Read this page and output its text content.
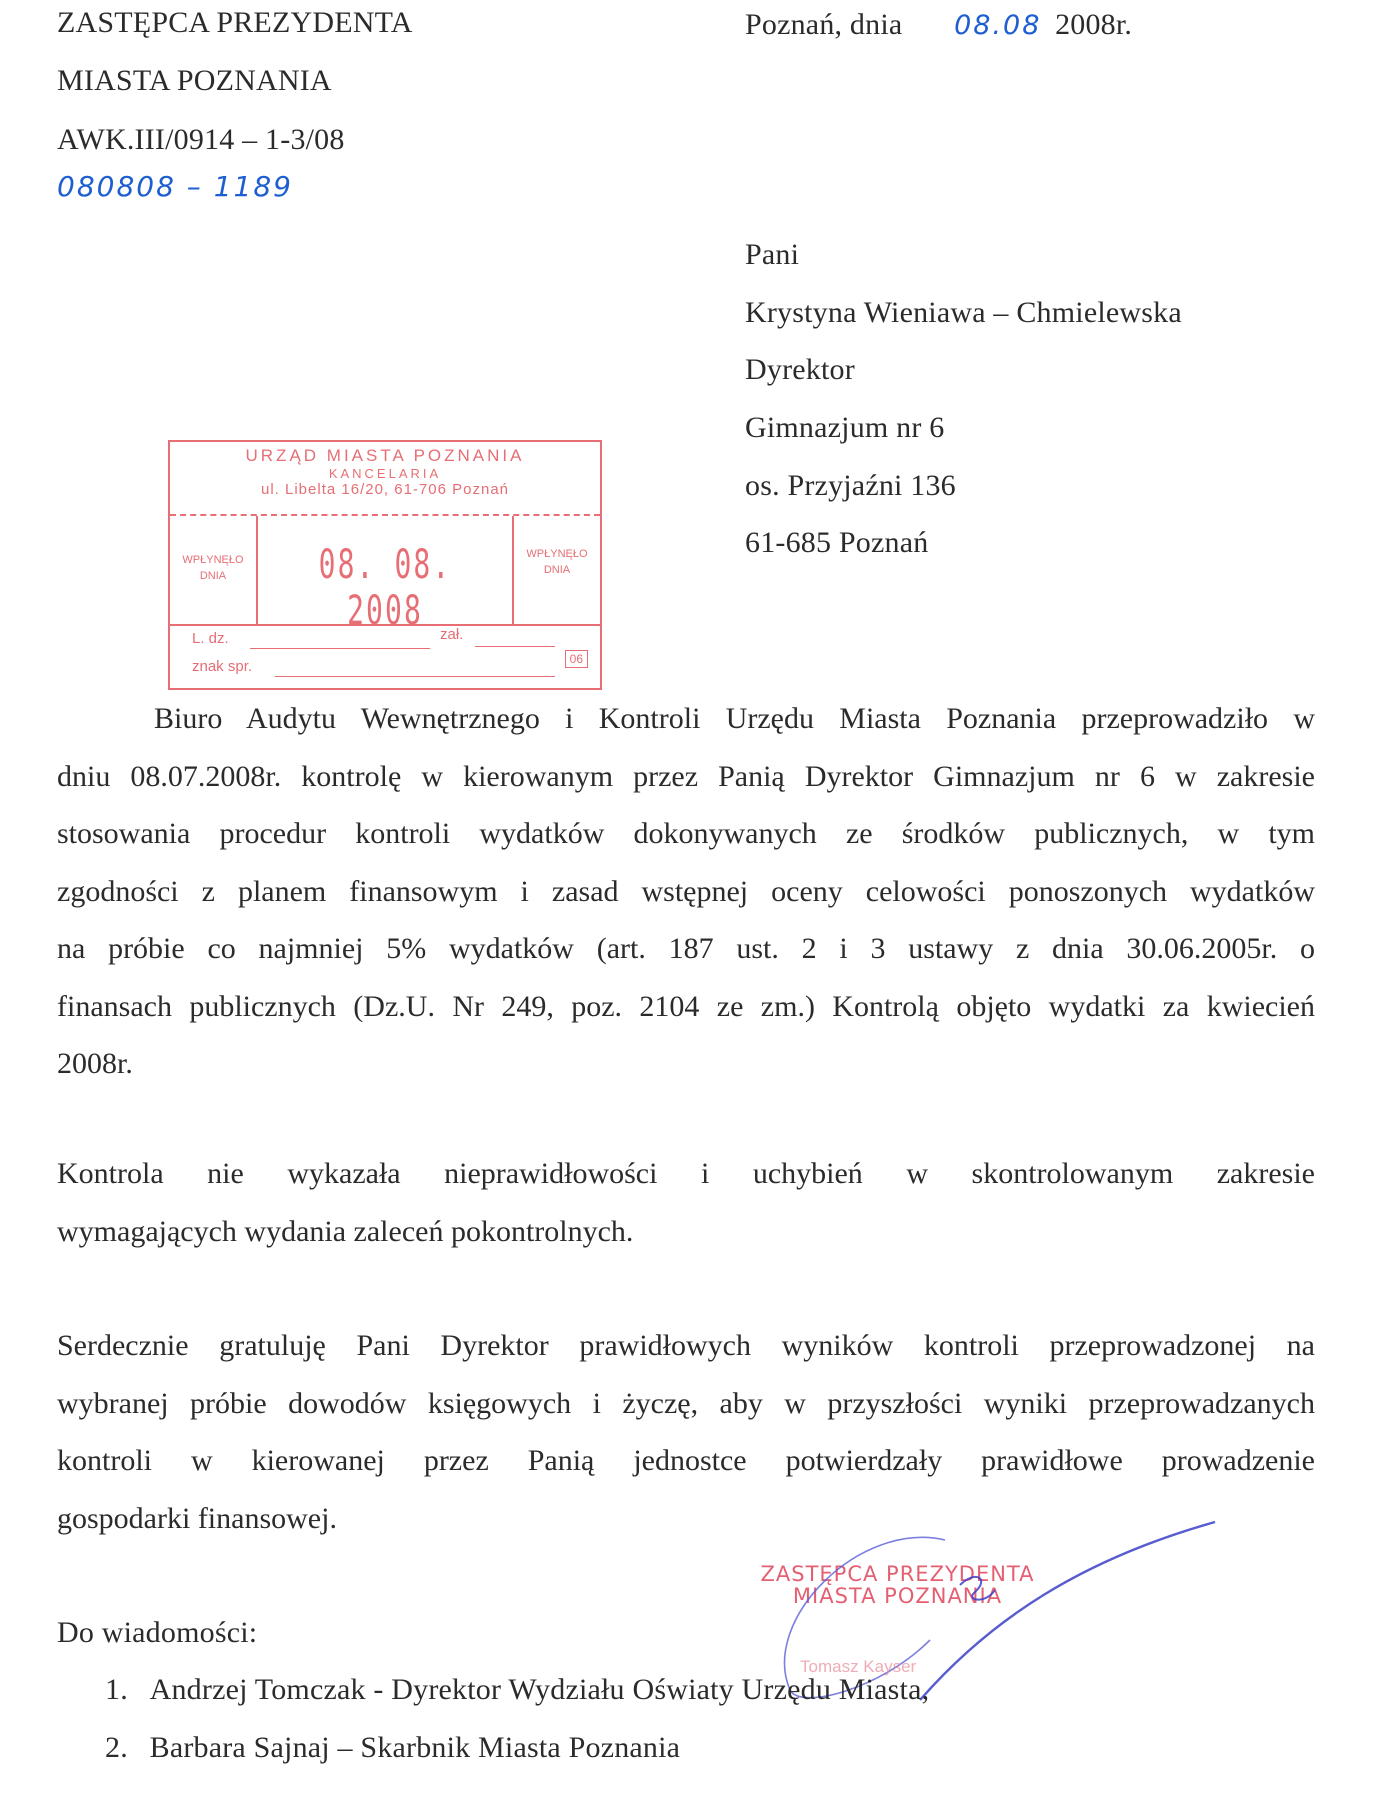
ZASTĘPCA PREZYDENTA
MIASTA POZNANIA
AWK.III/0914 – 1-3/08
080808 – 1189
Poznań, dnia 08.08 2008r.
Pani
Krystyna Wieniawa – Chmielewska
Dyrektor
Gimnazjum nr 6
os. Przyjaźni 136
61-685 Poznań
URZĄD MIASTA POZNANIA
KANCELARIA
ul. Libelta 16/20, 61-706 Poznań
WPŁYNĘŁO
DNIA	08. 08. 2008
WPŁYNĘŁO
DNIA
L. dz.	zał.
znak spr.	06
Biuro Audytu Wewnętrznego i Kontroli Urzędu Miasta Poznania przeprowadziło w
dniu 08.07.2008r. kontrolę w kierowanym przez Panią Dyrektor Gimnazjum nr 6 w zakresie
stosowania procedur kontroli wydatków dokonywanych ze środków publicznych, w tym
zgodności z planem finansowym i zasad wstępnej oceny celowości ponoszonych wydatków
na próbie co najmniej 5% wydatków (art. 187 ust. 2 i 3 ustawy z dnia 30.06.2005r. o
finansach publicznych (Dz.U. Nr 249, poz. 2104 ze zm.) Kontrolą objęto wydatki za kwiecień
2008r.
Kontrola nie wykazała nieprawidłowości i uchybień w skontrolowanym zakresie
wymagających wydania zaleceń pokontrolnych.
Serdecznie gratuluję Pani Dyrektor prawidłowych wyników kontroli przeprowadzonej na
wybranej próbie dowodów księgowych i życzę, aby w przyszłości wyniki przeprowadzanych
kontroli w kierowanej przez Panią jednostce potwierdzały prawidłowe prowadzenie
gospodarki finansowej.
ZASTĘPCA PREZYDENTA
MIASTA POZNANIA
Tomasz Kayser
Do wiadomości:
1. Andrzej Tomczak - Dyrektor Wydziału Oświaty Urzędu Miasta,
2. Barbara Sajnaj – Skarbnik Miasta Poznania
